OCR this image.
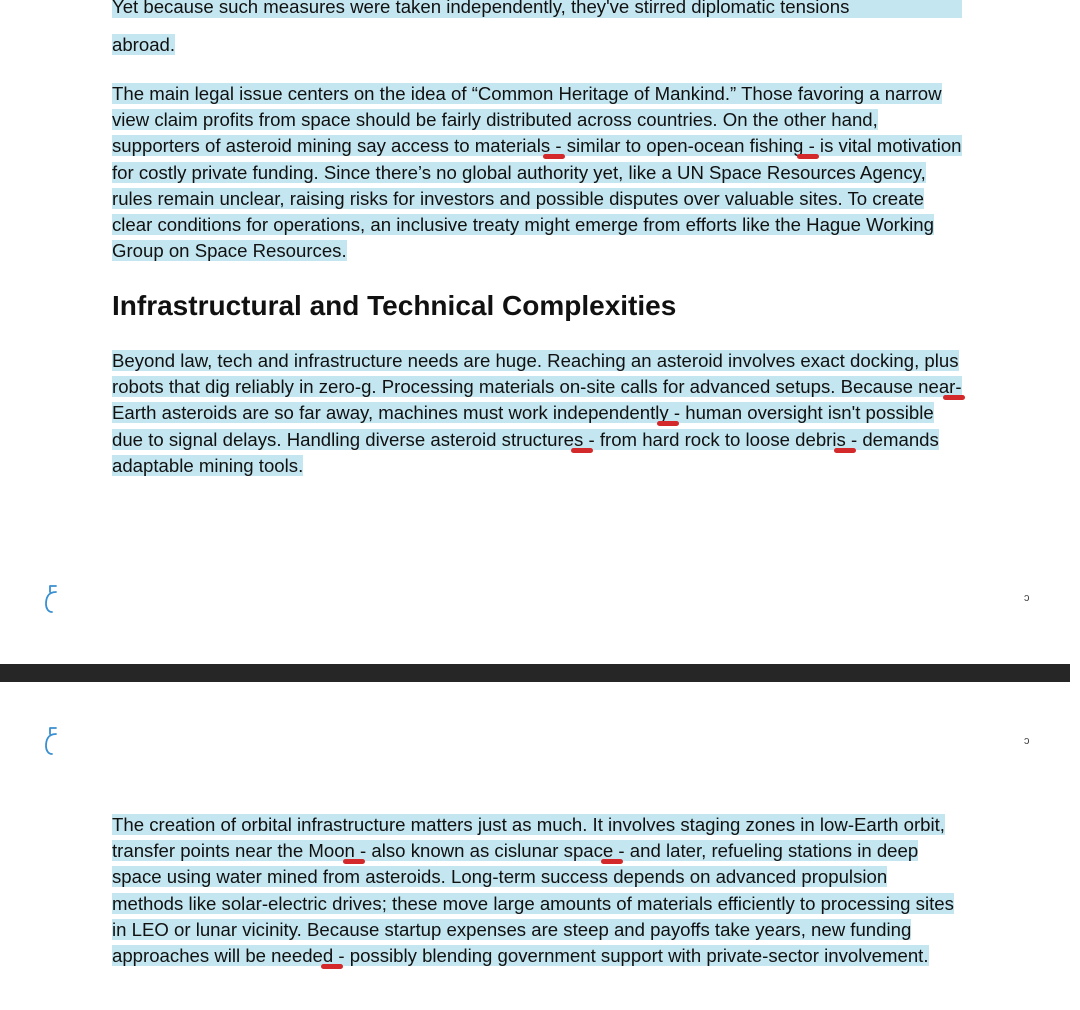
Yet because such measures were taken independently, they've stirred diplomatic tensions

abroad.

The main legal issue centers on the idea of “Common Heritage of Mankind.” Those favoring a narrow view claim profits from space should be fairly distributed across countries. On the other hand, supporters of asteroid mining say access to materials - similar to open-ocean fishing - is vital motivation for costly private funding. Since there’s no global authority yet, like a UN Space Resources Agency, rules remain unclear, raising risks for investors and possible disputes over valuable sites. To create clear conditions for operations, an inclusive treaty might emerge from efforts like the Hague Working Group on Space Resources.

Infrastructural and Technical Complexities

Beyond law, tech and infrastructure needs are huge. Reaching an asteroid involves exact docking, plus robots that dig reliably in zero-g. Processing materials on-site calls for advanced setups. Because near-Earth asteroids are so far away, machines must work independently - human oversight isn't possible due to signal delays. Handling diverse asteroid structures - from hard rock to loose debris - demands adaptable mining tools.

ↄ
ↄ

The creation of orbital infrastructure matters just as much. It involves staging zones in low-Earth orbit, transfer points near the Moon - also known as cislunar space - and later, refueling stations in deep space using water mined from asteroids. Long-term success depends on advanced propulsion methods like solar-electric drives; these move large amounts of materials efficiently to processing sites in LEO or lunar vicinity. Because startup expenses are steep and payoffs take years, new funding approaches will be needed - possibly blending government support with private-sector involvement.
